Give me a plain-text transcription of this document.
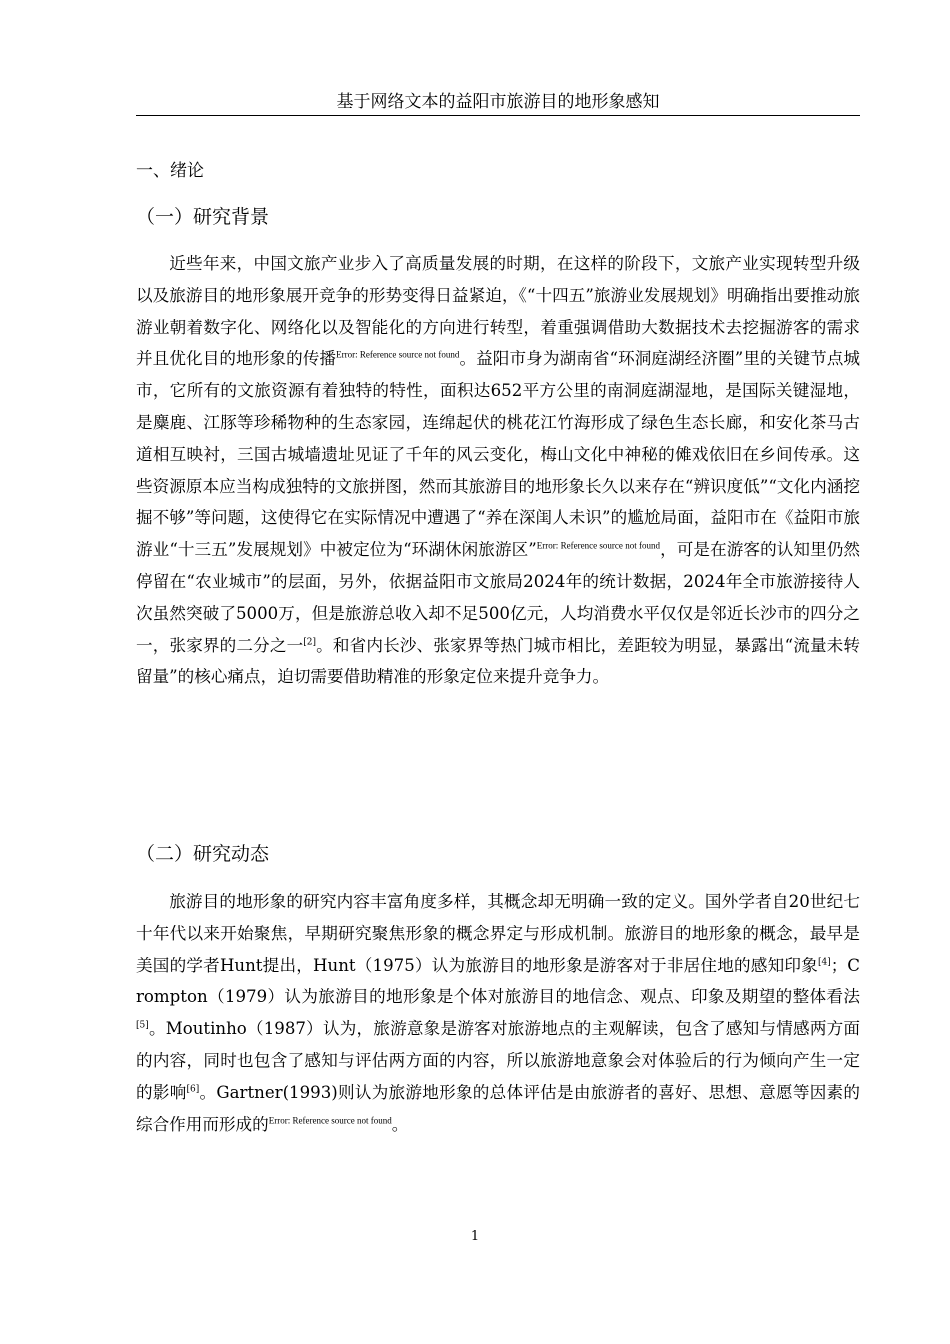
基于网络文本的益阳市旅游目的地形象感知
一、绪论
（一）研究背景

近些年来，中国文旅产业步入了高质量发展的时期，在这样的阶段下，文旅产业实现转型升级以及旅游目的地形象展开竞争的形势变得日益紧迫，《“十四五”旅游业发展规划》明确指出要推动旅游业朝着数字化、网络化以及智能化的方向进行转型，着重强调借助大数据技术去挖掘游客的需求并且优化目的地形象的传播$^{Error: Reference source not found}$。益阳市身为湖南省“环洞庭湖经济圈”里的关键节点城市，它所有的文旅资源有着独特的特性，面积达652平方公里的南洞庭湖湿地，是国际关键湿地，是麋鹿、江豚等珍稀物种的生态家园，连绵起伏的桃花江竹海形成了绿色生态长廊，和安化茶马古道相互映衬，三国古城墙遗址见证了千年的风云变化，梅山文化中神秘的傩戏依旧在乡间传承。这些资源原本应当构成独特的文旅拼图，然而其旅游目的地形象长久以来存在“辨识度低”“文化内涵挖掘不够”等问题，这使得它在实际情况中遭遇了“养在深闺人未识”的尴尬局面，益阳市在《益阳市旅游业“十三五”发展规划》中被定位为“环湖休闲旅游区”$^{Error: Reference source not found}$，可是在游客的认知里仍然停留在“农业城市”的层面，另外，依据益阳市文旅局2024年的统计数据，2024年全市旅游接待人次虽然突破了5000万，但是旅游总收入却不足500亿元，人均消费水平仅仅是邻近长沙市的四分之一，张家界的二分之一[2]。和省内长沙、张家界等热门城市相比，差距较为明显，暴露出“流量未转留量”的核心痛点，迫切需要借助精准的形象定位来提升竞争力。

（二）研究动态

旅游目的地形象的研究内容丰富角度多样，其概念却无明确一致的定义。国外学者自20世纪七十年代以来开始聚焦，早期研究聚焦形象的概念界定与形成机制。旅游目的地形象的概念，最早是美国的学者Hunt提出，Hunt（1975）认为旅游目的地形象是游客对于非居住地的感知印象[4]；Crompton（1979）认为旅游目的地形象是个体对旅游目的地信念、观点、印象及期望的整体看法[5]。Moutinho（1987）认为，旅游意象是游客对旅游地点的主观解读，包含了感知与情感两方面的内容，同时也包含了感知与评估两方面的内容，所以旅游地意象会对体验后的行为倾向产生一定的影响[6]。Gartner(1993)则认为旅游地形象的总体评估是由旅游者的喜好、思想、意愿等因素的综合作用而形成的$^{Error: Reference source not found}$。

1
